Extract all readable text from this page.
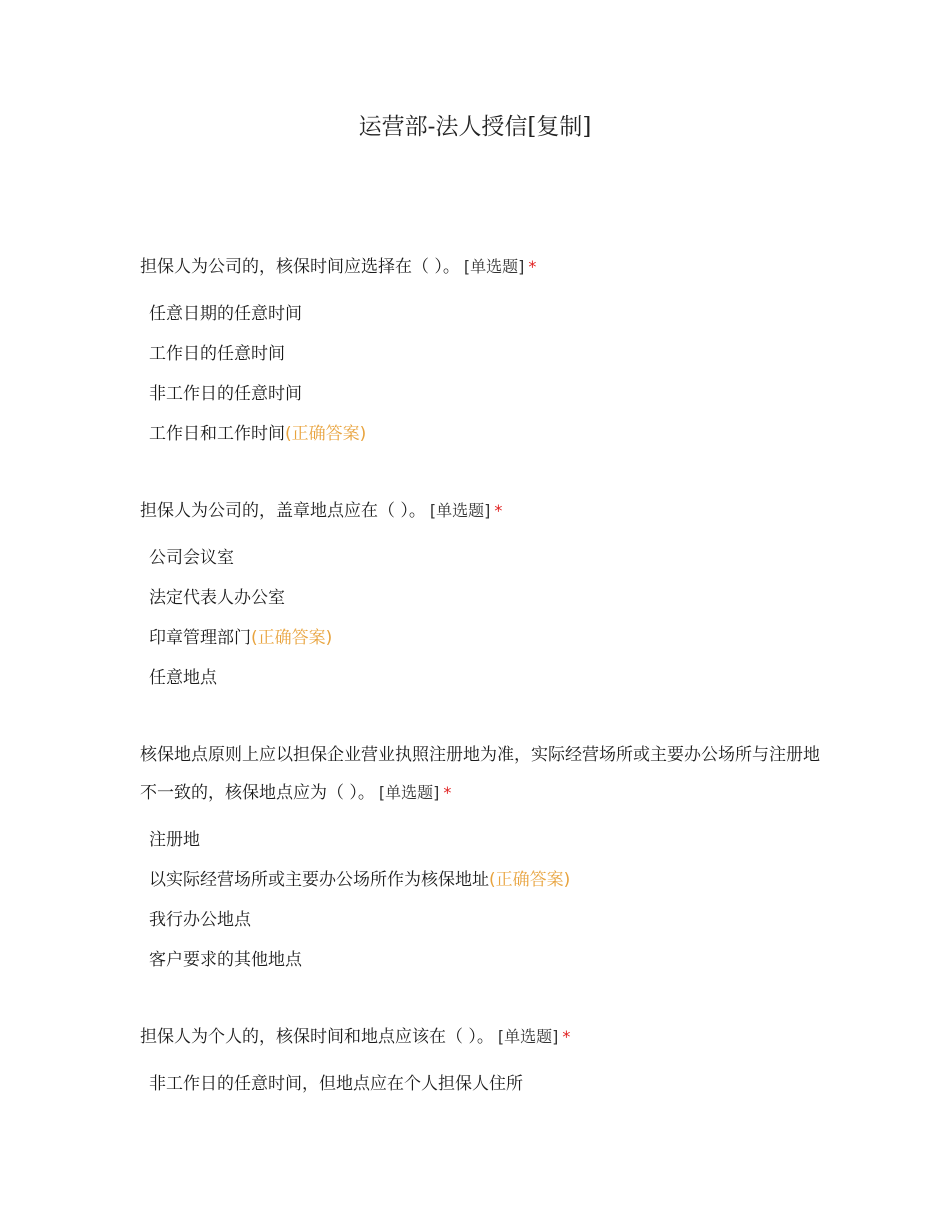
运营部-法人授信[复制]

担保人为公司的，核保时间应选择在（ ）。 [单选题] *

任意日期的任意时间
工作日的任意时间
非工作日的任意时间
工作日和工作时间(正确答案)

担保人为公司的，盖章地点应在（ ）。 [单选题] *

公司会议室
法定代表人办公室
印章管理部门(正确答案)
任意地点

核保地点原则上应以担保企业营业执照注册地为准，实际经营场所或主要办公场所与注册地不一致的，核保地点应为（ ）。 [单选题] *

注册地
以实际经营场所或主要办公场所作为核保地址(正确答案)
我行办公地点
客户要求的其他地点

担保人为个人的，核保时间和地点应该在（ ）。 [单选题] *

非工作日的任意时间，但地点应在个人担保人住所
